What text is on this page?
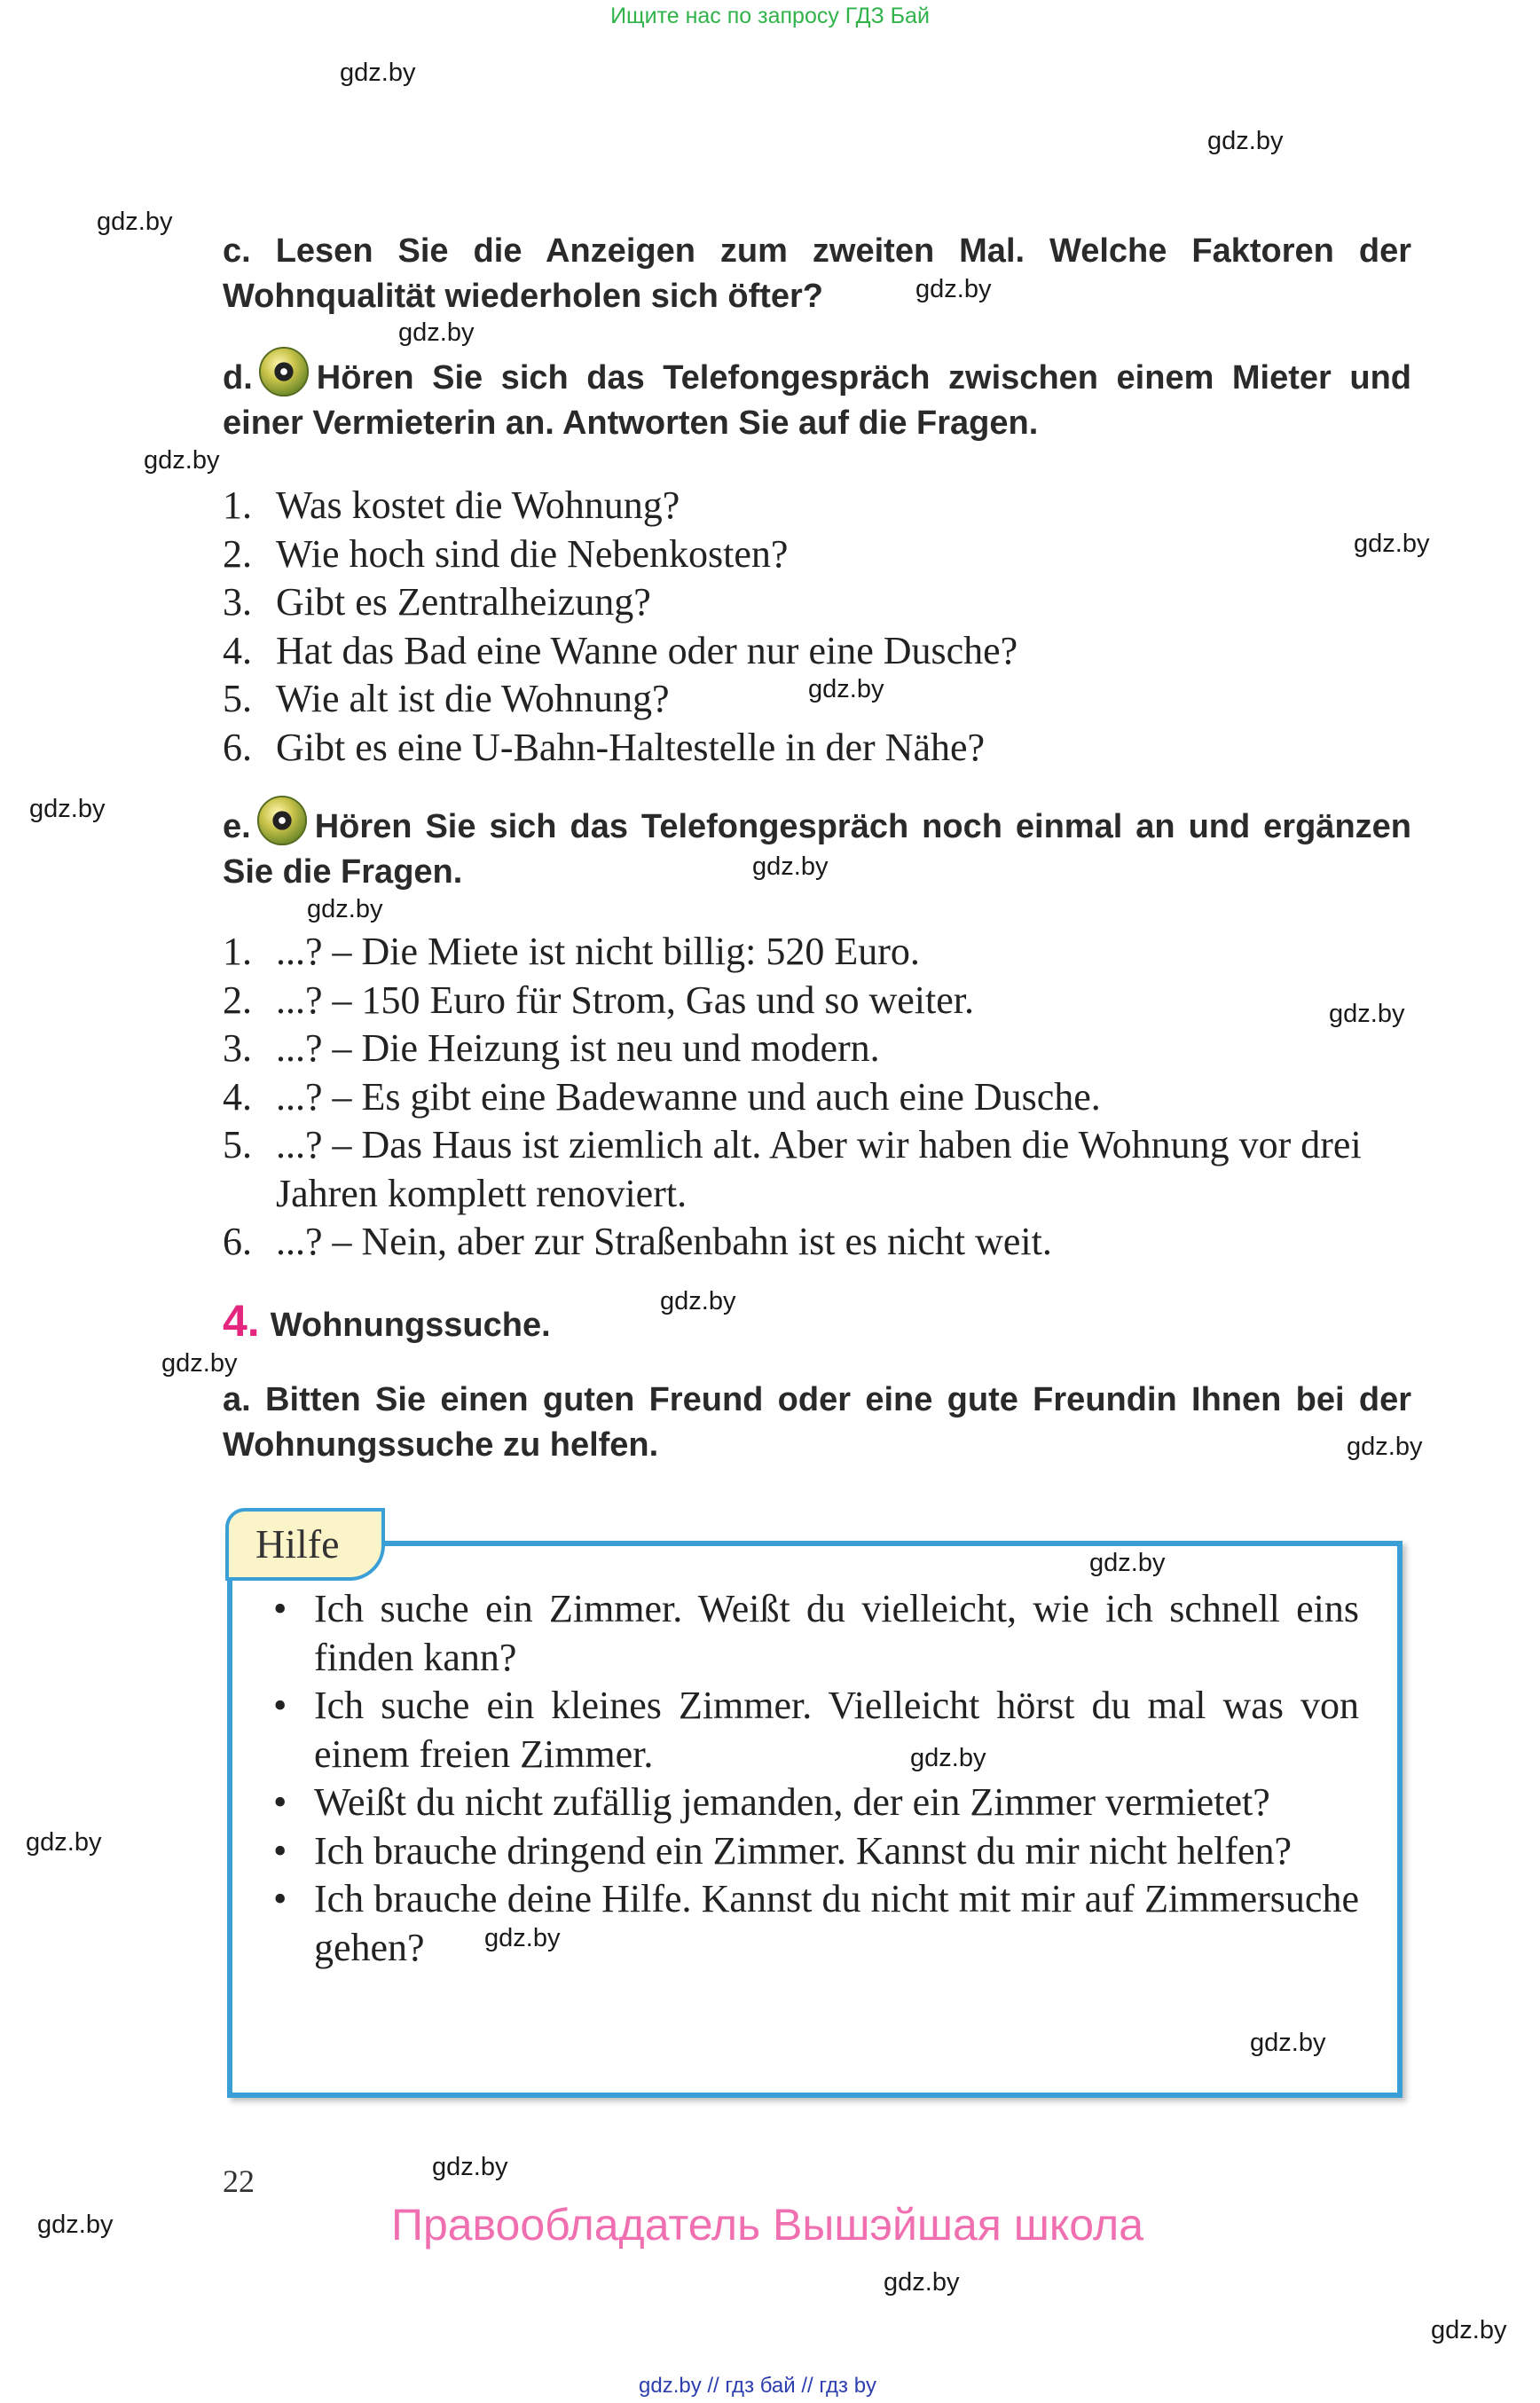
Ищите нас по запросу ГДЗ Бай
gdz.by
gdz.by
gdz.by
gdz.by
gdz.by
gdz.by
gdz.by
gdz.by
gdz.by
gdz.by
gdz.by
gdz.by
gdz.by
gdz.by
gdz.by
c. Lesen Sie die Anzeigen zum zweiten Mal. Welche Faktoren der Wohnqualität wiederholen sich öfter?
d. Hören Sie sich das Telefongespräch zwischen einem Mieter und einer Vermieterin an. Antworten Sie auf die Fragen.
1. Was kostet die Wohnung?
2. Wie hoch sind die Nebenkosten?
3. Gibt es Zentralheizung?
4. Hat das Bad eine Wanne oder nur eine Dusche?
5. Wie alt ist die Wohnung?
6. Gibt es eine U-Bahn-Haltestelle in der Nähe?
e. Hören Sie sich das Telefongespräch noch einmal an und ergänzen Sie die Fragen.
1. ...? – Die Miete ist nicht billig: 520 Euro.
2. ...? – 150 Euro für Strom, Gas und so weiter.
3. ...? – Die Heizung ist neu und modern.
4. ...? – Es gibt eine Badewanne und auch eine Dusche.
5. ...? – Das Haus ist ziemlich alt. Aber wir haben die Wohnung vor drei Jahren komplett renoviert.
6. ...? – Nein, aber zur Straßenbahn ist es nicht weit.
4. Wohnungssuche.
a. Bitten Sie einen guten Freund oder eine gute Freundin Ihnen bei der Wohnungssuche zu helfen.
Hilfe
• Ich suche ein Zimmer. Weißt du vielleicht, wie ich schnell eins finden kann?
• Ich suche ein kleines Zimmer. Vielleicht hörst du mal was von einem freien Zimmer.
• Weißt du nicht zufällig jemanden, der ein Zimmer vermietet?
• Ich brauche dringend ein Zimmer. Kannst du mir nicht helfen?
• Ich brauche deine Hilfe. Kannst du nicht mit mir auf Zimmersuche gehen?
gdz.by
gdz.by
gdz.by
gdz.by
gdz.by
gdz.by
gdz.by
gdz.by
gdz.by
22
Правообладатель Вышэйшая школа
gdz.by // гдз бай // гдз by
